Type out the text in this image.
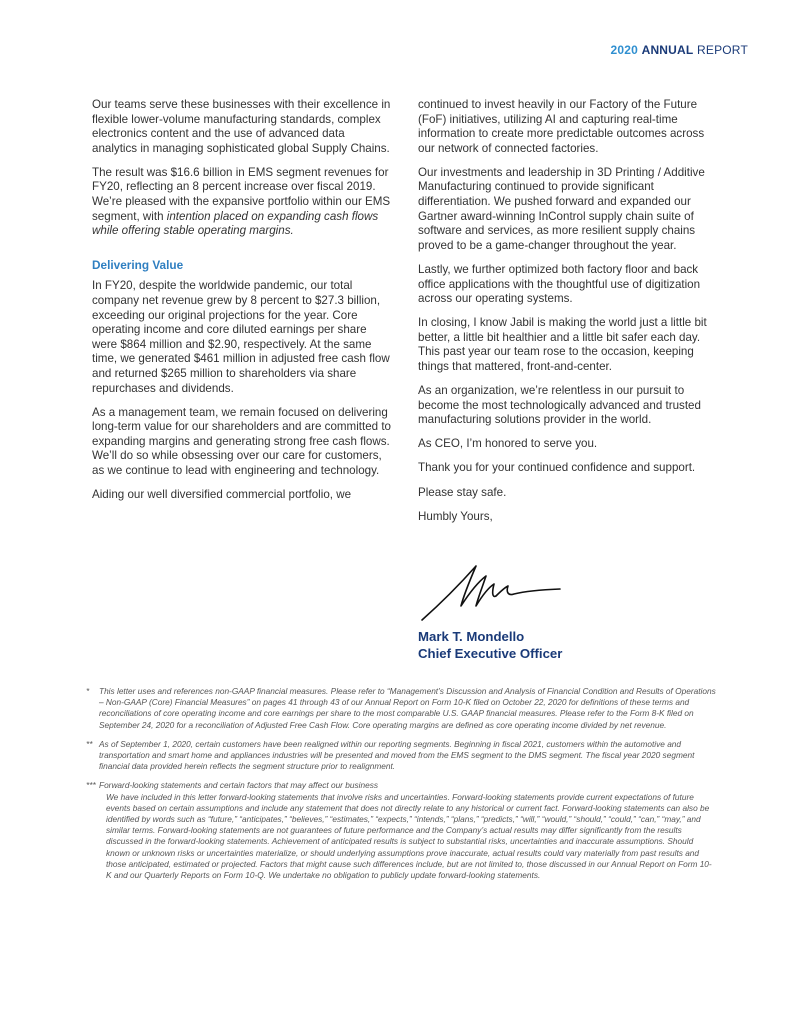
2020 ANNUAL REPORT

Our teams serve these businesses with their excellence in flexible lower-volume manufacturing standards, complex electronics content and the use of advanced data analytics in managing sophisticated global Supply Chains.

The result was $16.6 billion in EMS segment revenues for FY20, reflecting an 8 percent increase over fiscal 2019. We’re pleased with the expansive portfolio within our EMS segment, with intention placed on expanding cash flows while offering stable operating margins.

Delivering Value

In FY20, despite the worldwide pandemic, our total company net revenue grew by 8 percent to $27.3 billion, exceeding our original projections for the year. Core operating income and core diluted earnings per share were $864 million and $2.90, respectively. At the same time, we generated $461 million in adjusted free cash flow and returned $265 million to shareholders via share repurchases and dividends.

As a management team, we remain focused on delivering long-term value for our shareholders and are committed to expanding margins and generating strong free cash flows. We’ll do so while obsessing over our care for customers, as we continue to lead with engineering and technology.

Aiding our well diversified commercial portfolio, we

continued to invest heavily in our Factory of the Future (FoF) initiatives, utilizing AI and capturing real-time information to create more predictable outcomes across our network of connected factories.

Our investments and leadership in 3D Printing / Additive Manufacturing continued to provide significant differentiation. We pushed forward and expanded our Gartner award-winning InControl supply chain suite of software and services, as more resilient supply chains proved to be a game-changer throughout the year.

Lastly, we further optimized both factory floor and back office applications with the thoughtful use of digitization across our operating systems.

In closing, I know Jabil is making the world just a little bit better, a little bit healthier and a little bit safer each day. This past year our team rose to the occasion, keeping things that mattered, front-and-center.

As an organization, we’re relentless in our pursuit to become the most technologically advanced and trusted manufacturing solutions provider in the world.

As CEO, I’m honored to serve you.

Thank you for your continued confidence and support.

Please stay safe.

Humbly Yours,

Mark T. Mondello
Chief Executive Officer
* This letter uses and references non-GAAP financial measures. Please refer to “Management’s Discussion and Analysis of Financial Condition and Results of Operations – Non-GAAP (Core) Financial Measures” on pages 41 through 43 of our Annual Report on Form 10-K filed on October 22, 2020 for definitions of these terms and reconciliations of core operating income and core earnings per share to the most comparable U.S. GAAP financial measures. Please refer to the Form 8-K filed on September 24, 2020 for a reconciliation of Adjusted Free Cash Flow. Core operating margins are defined as core operating income divided by net revenue.
** As of September 1, 2020, certain customers have been realigned within our reporting segments. Beginning in fiscal 2021, customers within the automotive and transportation and smart home and appliances industries will be presented and moved from the EMS segment to the DMS segment. The fiscal year 2020 segment financial data provided herein reflects the segment structure prior to realignment.
*** Forward-looking statements and certain factors that may affect our business
We have included in this letter forward-looking statements that involve risks and uncertainties. Forward-looking statements provide current expectations of future events based on certain assumptions and include any statement that does not directly relate to any historical or current fact. Forward-looking statements can also be identified by words such as “future,” “anticipates,” “believes,” “estimates,” “expects,” “intends,” “plans,” “predicts,” “will,” “would,” “should,” “could,” “can,” “may,” and similar terms. Forward-looking statements are not guarantees of future performance and the Company’s actual results may differ significantly from the results discussed in the forward-looking statements. Achievement of anticipated results is subject to substantial risks, uncertainties and inaccurate assumptions. Should known or unknown risks or uncertainties materialize, or should underlying assumptions prove inaccurate, actual results could vary materially from past results and those anticipated, estimated or projected. Factors that might cause such differences include, but are not limited to, those discussed in our Annual Report on Form 10-K and our Quarterly Reports on Form 10-Q. We undertake no obligation to publicly update forward-looking statements.
